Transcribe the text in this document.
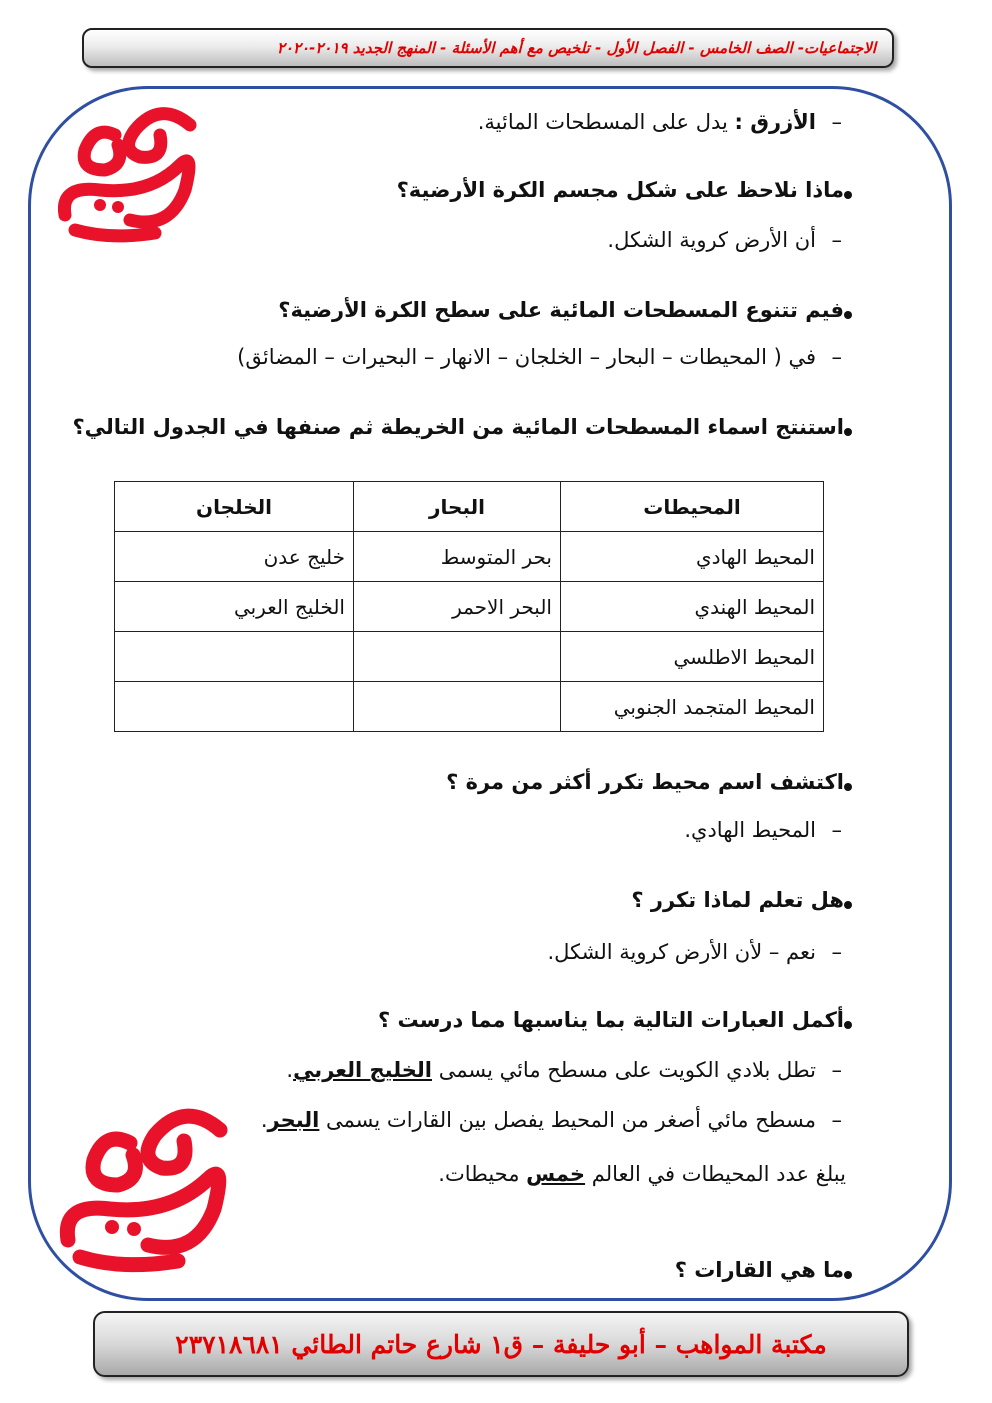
الاجتماعيات- الصف الخامس - الفصل الأول - تلخيص مع أهم الأسئلة - المنهج الجديد ٢٠١٩-٢٠٢٠
–الأزرق : يدل على المسطحات المائية.
ماذا نلاحظ على شكل مجسم الكرة الأرضية؟
–أن الأرض كروية الشكل.
فيم تتنوع المسطحات المائية على سطح الكرة الأرضية؟
–في ( المحيطات – البحار – الخلجان – الانهار – البحيرات – المضائق)
استنتج اسماء المسطحات المائية من الخريطة ثم صنفها في الجدول التالي؟
المحيطات	البحار	الخلجان
المحيط الهادي	بحر المتوسط	خليج عدن
المحيط الهندي	البحر الاحمر	الخليج العربي
المحيط الاطلسي		
المحيط المتجمد الجنوبي		
اكتشف اسم محيط تكرر أكثر من مرة ؟
–المحيط الهادي.
هل تعلم لماذا تكرر ؟
–نعم – لأن الأرض كروية الشكل.
أكمل العبارات التالية بما يناسبها مما درست ؟
–تطل بلادي الكويت على مسطح مائي يسمى الخليج العربي.
–مسطح مائي أصغر من المحيط يفصل بين القارات يسمى البحر.
يبلغ عدد المحيطات في العالم خمس محيطات.
ما هي القارات ؟
مكتبة المواهب – أبو حليفة – ق١ شارع حاتم الطائي ٢٣٧١٨٦٨١
